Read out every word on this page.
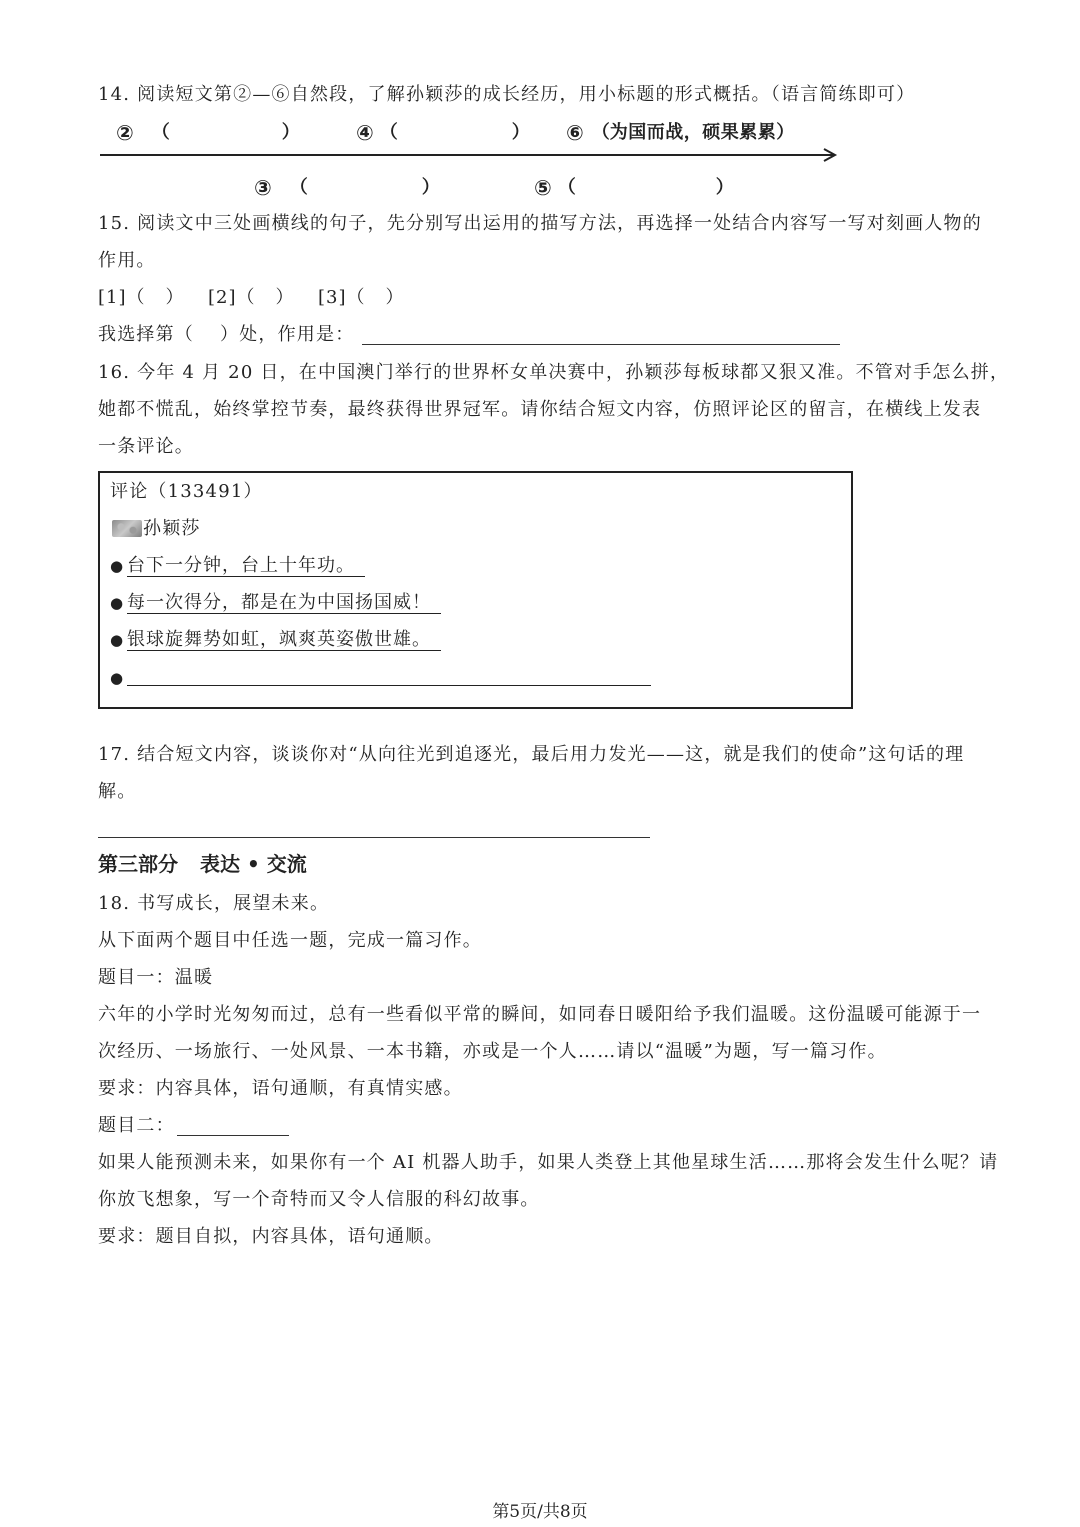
14. 阅读短文第②—⑥自然段，了解孙颖莎的成长经历，用小标题的形式概括。（语言简练即可）
② （	）	④ （	） ⑥ （ 为国而战，硕果累累 ）
③ （	）	⑤ （	）
15. 阅读文中三处画横线的句子，先分别写出运用的描写方法，再选择一处结合内容写一写对刻画人物的
作用。
[1] （ ） [2] （ ） [3] （ ）
我选择第（ ）处，作用是：
16. 今年 4 月 20 日，在中国澳门举行的世界杯女单决赛中，孙颖莎每板球都又狠又准。不管对手怎么拼，
她都不慌乱，始终掌控节奏，最终获得世界冠军。请你结合短文内容，仿照评论区的留言，在横线上发表
一条评论。
评论（133491）
孙颖莎
● 台下一分钟，台上十年功。
● 每一次得分，都是在为中国扬国威！
● 银球旋舞势如虹，飒爽英姿傲世雄。
●
17. 结合短文内容，谈谈你对“从向往光到追逐光，最后用力发光——这，就是我们的使命”这句话的理
解。
第三部分 表达 • 交流
18. 书写成长，展望未来。
从下面两个题目中任选一题，完成一篇习作。
题目一：温暖
六年的小学时光匆匆而过，总有一些看似平常的瞬间，如同春日暖阳给予我们温暖。这份温暖可能源于一
次经历、一场旅行、一处风景、一本书籍，亦或是一个人……请以“温暖”为题，写一篇习作。
要求：内容具体，语句通顺，有真情实感。
题目二：
如果人能预测未来，如果你有一个 AI 机器人助手，如果人类登上其他星球生活……那将会发生什么呢？请
你放飞想象，写一个奇特而又令人信服的科幻故事。
要求：题目自拟，内容具体，语句通顺。
第5页/共8页
